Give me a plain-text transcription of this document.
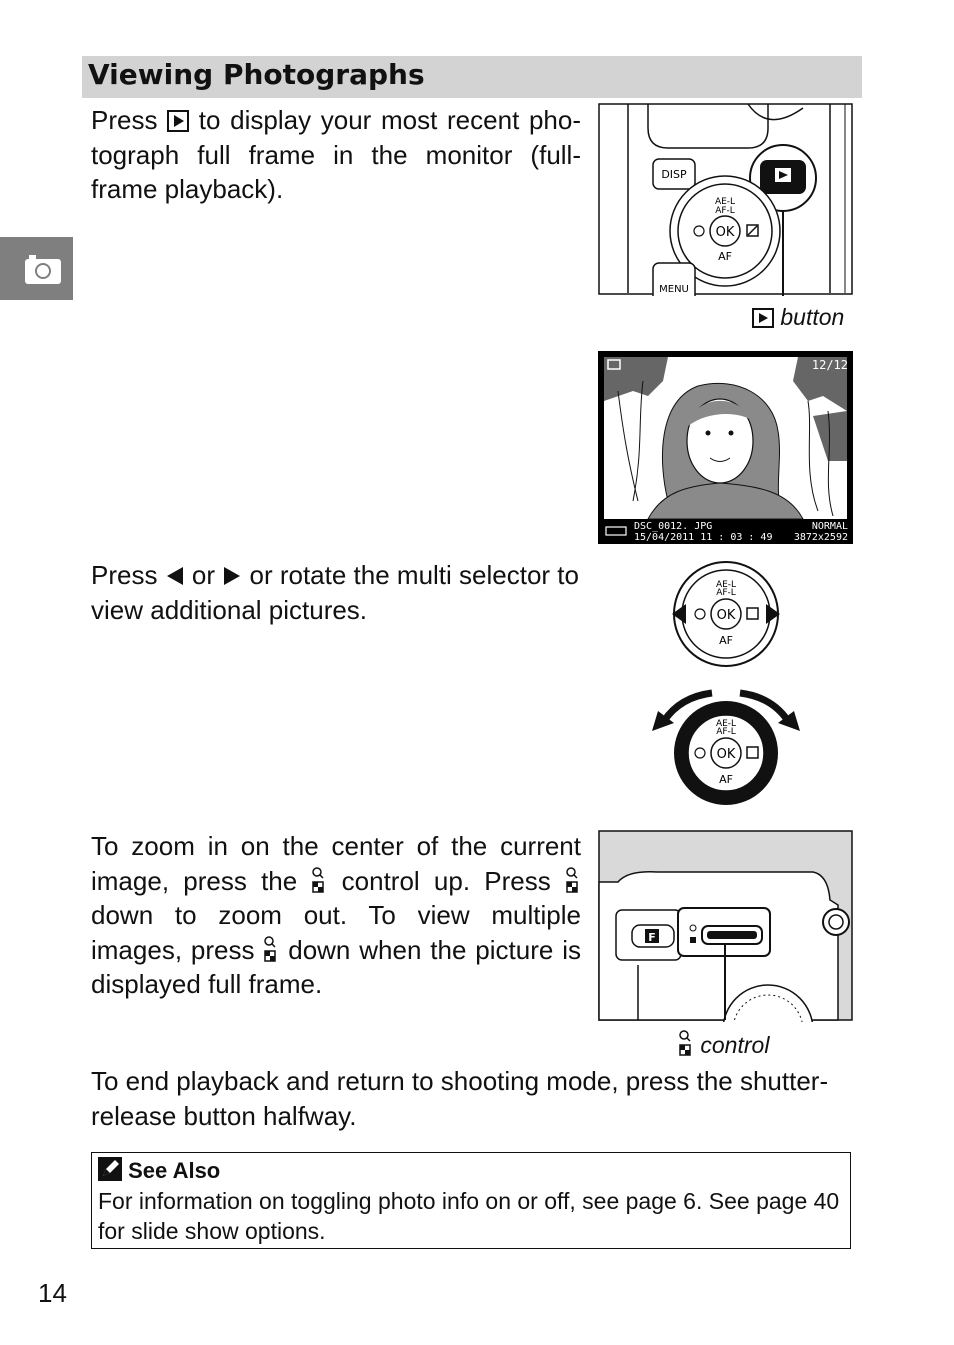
Viewing Photographs

Press  to display your most recent pho-tograph full frame in the monitor (full-frame playback).	DISP
OK
AE-L
AF-L
AF
MENU
button
12/12
DSC_0012. JPG
15/04/2011 11 : 03 : 49
NORMAL
3872x2592

Press  or  or rotate the multi selector to view additional pictures.	OK
AE-L
AF-L
AF
OK
AE-L
AF-L
AF

To zoom in on the center of the current image, press the  control up. Press  down to zoom out. To view multiple images, press  down when the picture is displayed full frame.

F
control

To end playback and return to shooting mode, press the shutter-release button halfway.

See Also

For information on toggling photo info on or off, see page 6. See page 40 for slide show options.

14
